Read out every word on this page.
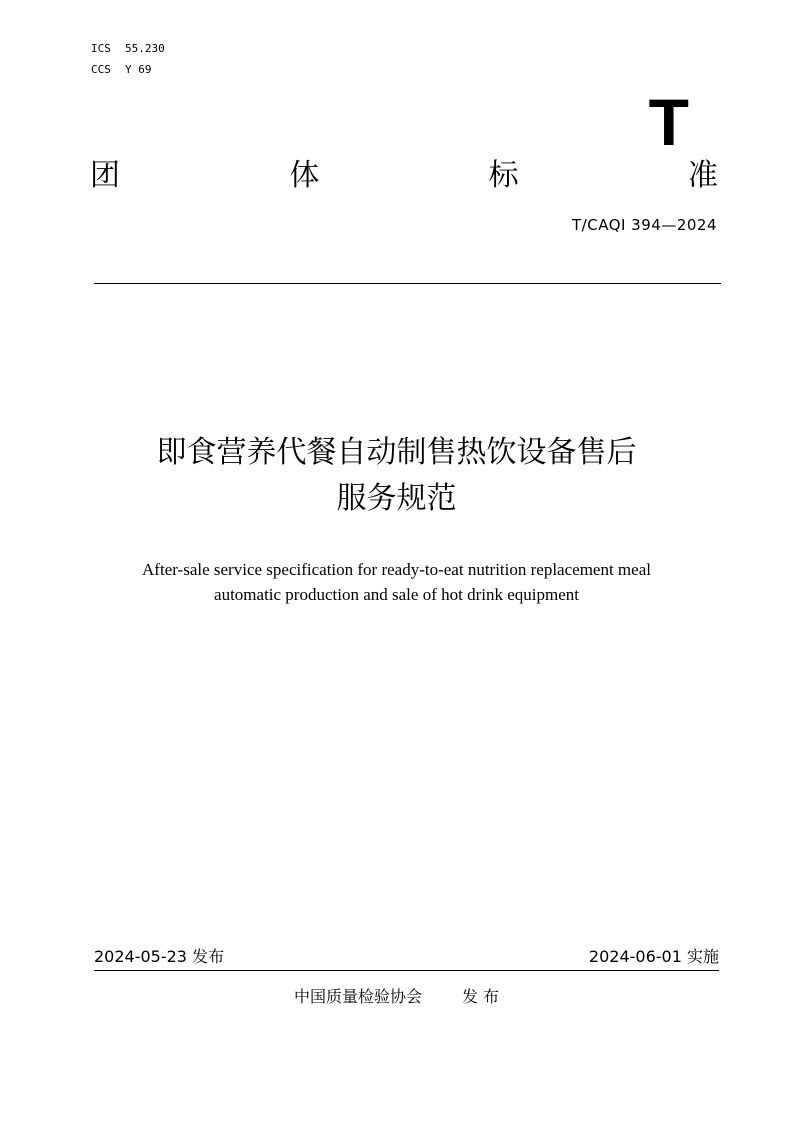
ICS	55.230
CCS	Y 69
T
团	体	标	准
T/CAQI 394—2024
即食营养代餐自动制售热饮设备售后
服务规范
After-sale service specification for ready-to-eat nutrition replacement meal
automatic production and sale of hot drink equipment
2024-05-23 发布	2024-06-01 实施
中国质量检验协会	发 布
